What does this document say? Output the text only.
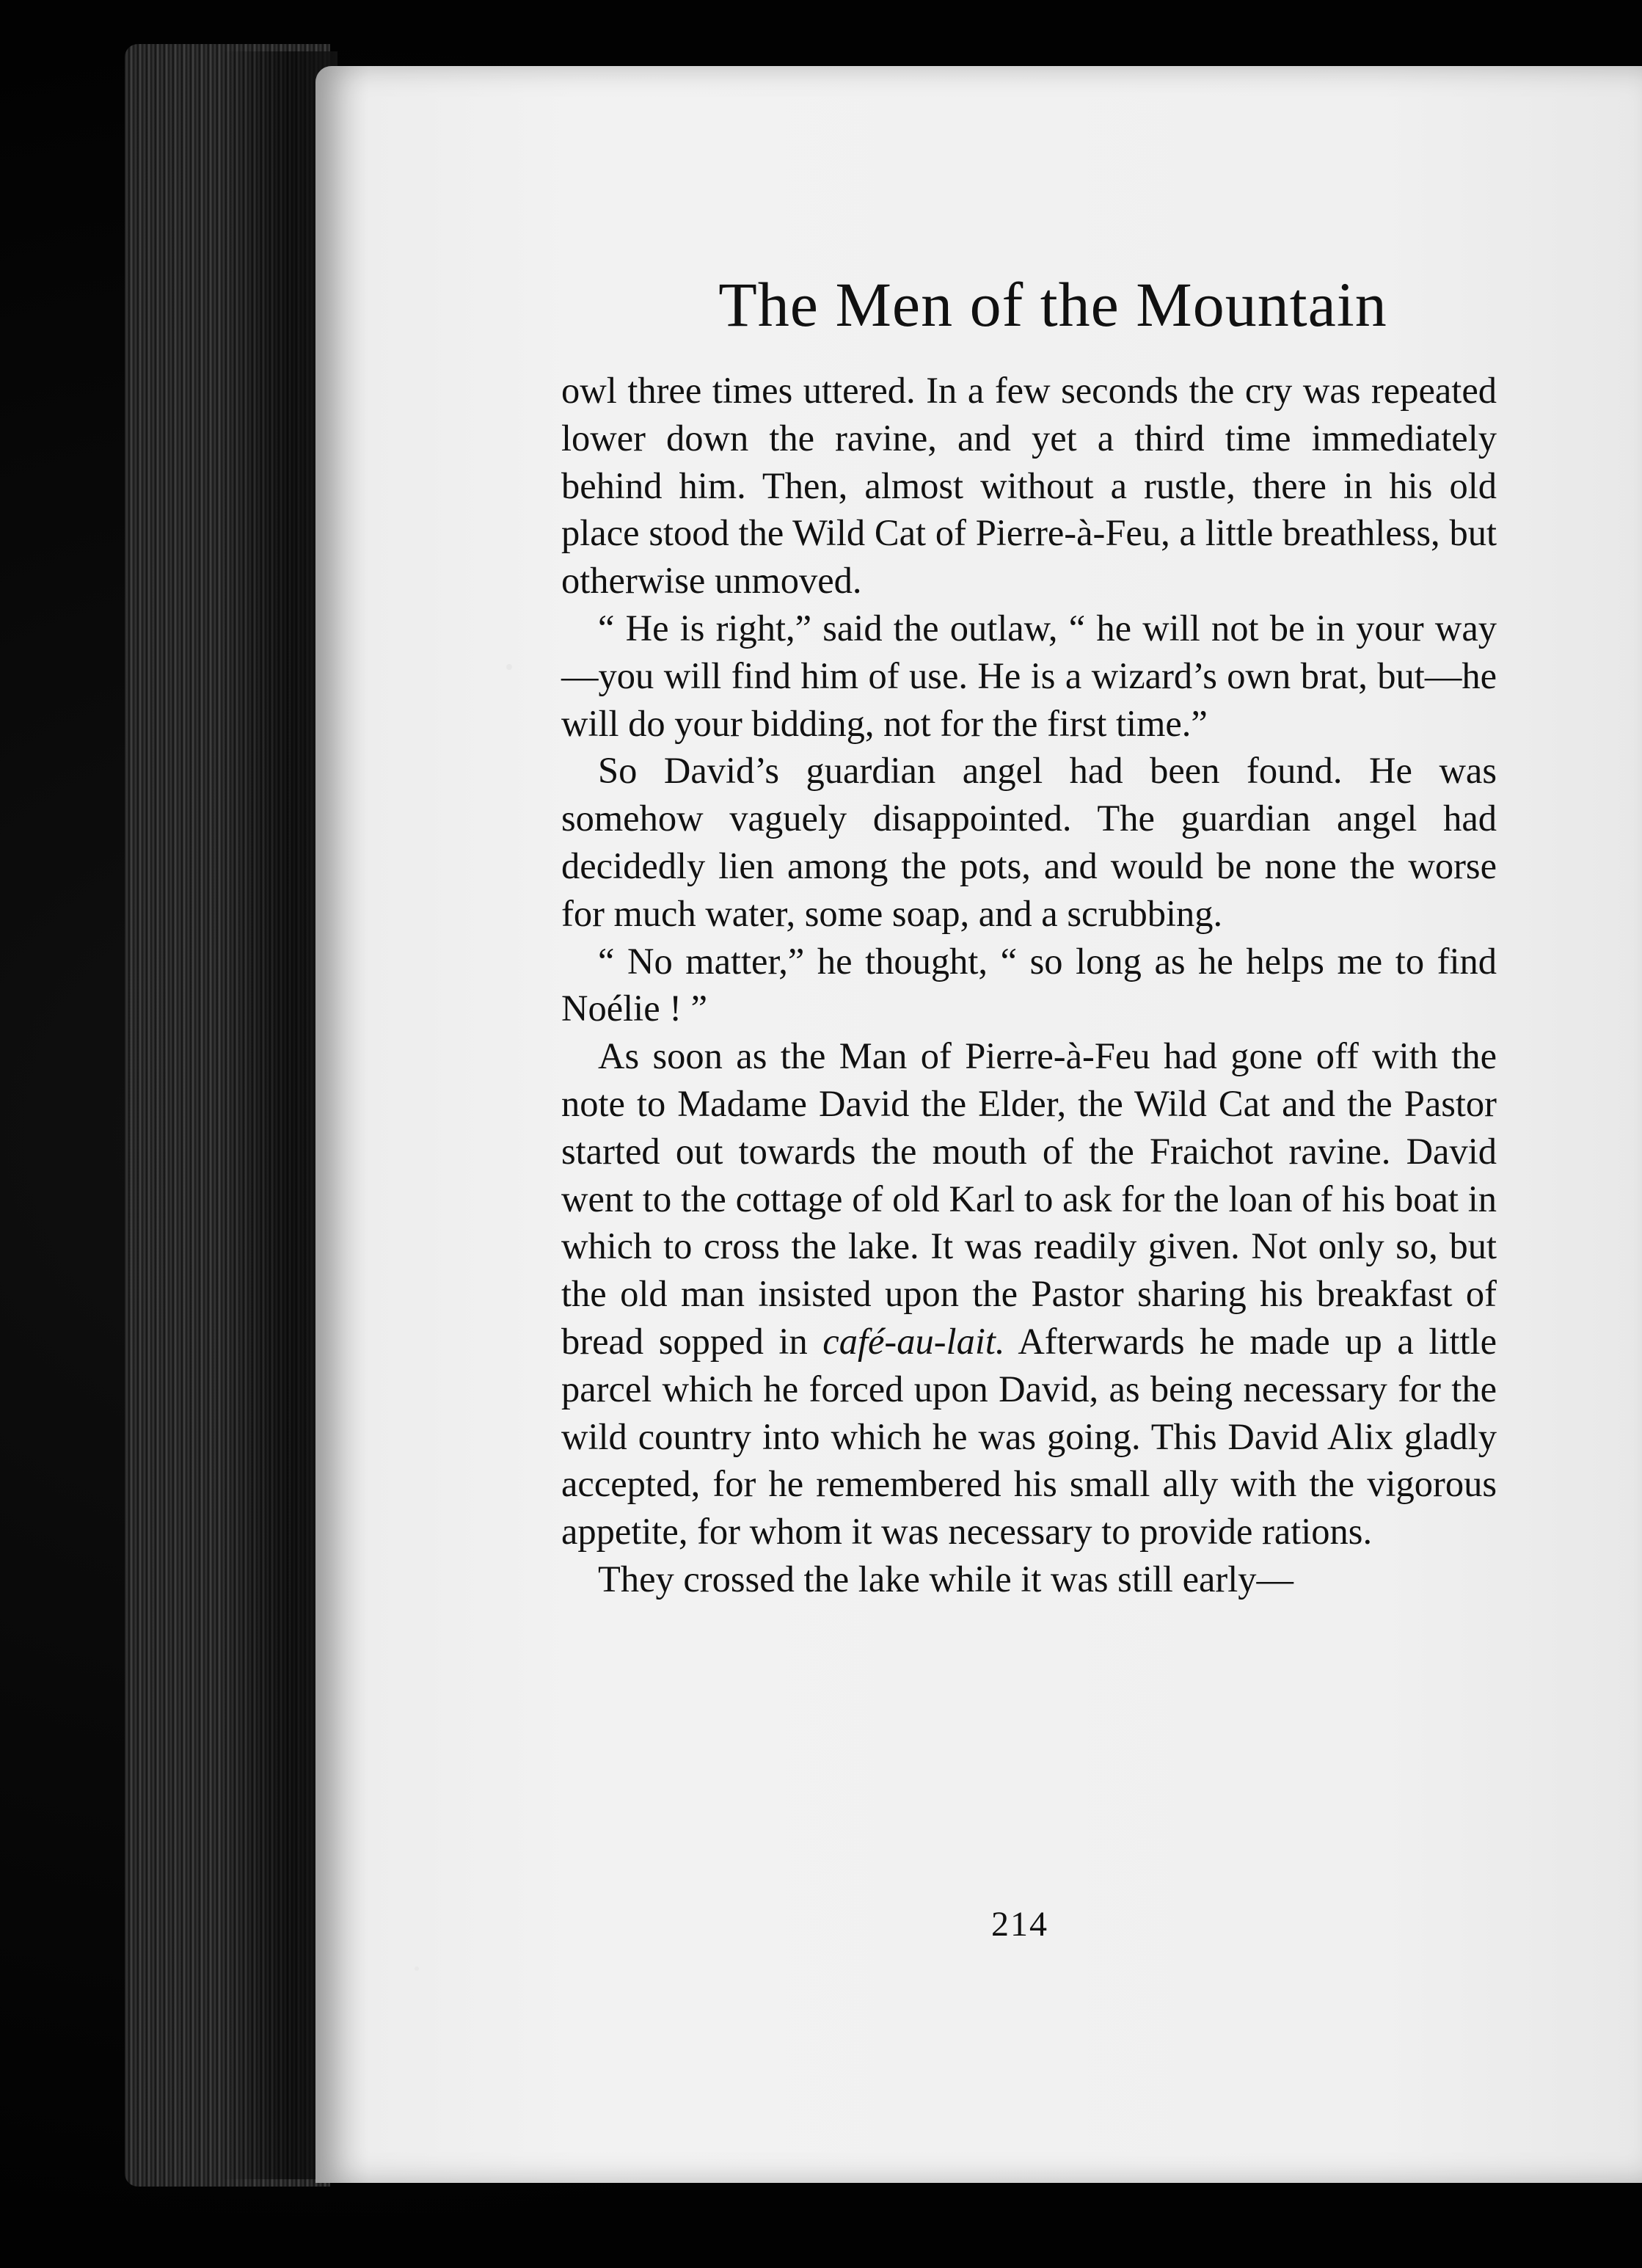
The Men of the Mountain

owl three times uttered. In a few seconds the cry was repeated lower down the ravine, and yet a third time immediately behind him. Then, almost without a rustle, there in his old place stood the Wild Cat of Pierre-à-Feu, a little breathless, but otherwise unmoved.

“ He is right,” said the outlaw, “ he will not be in your way—you will find him of use. He is a wizard’s own brat, but—he will do your bidding, not for the first time.”

So David’s guardian angel had been found. He was somehow vaguely disappointed. The guardian angel had decidedly lien among the pots, and would be none the worse for much water, some soap, and a scrubbing.

“ No matter,” he thought, “ so long as he helps me to find Noélie ! ”

As soon as the Man of Pierre-à-Feu had gone off with the note to Madame David the Elder, the Wild Cat and the Pastor started out towards the mouth of the Fraichot ravine. David went to the cottage of old Karl to ask for the loan of his boat in which to cross the lake. It was readily given. Not only so, but the old man insisted upon the Pastor sharing his breakfast of bread sopped in café-au-lait. Afterwards he made up a little parcel which he forced upon David, as being necessary for the wild country into which he was going. This David Alix gladly accepted, for he remembered his small ally with the vigorous appetite, for whom it was necessary to provide rations.

They crossed the lake while it was still early—

214
